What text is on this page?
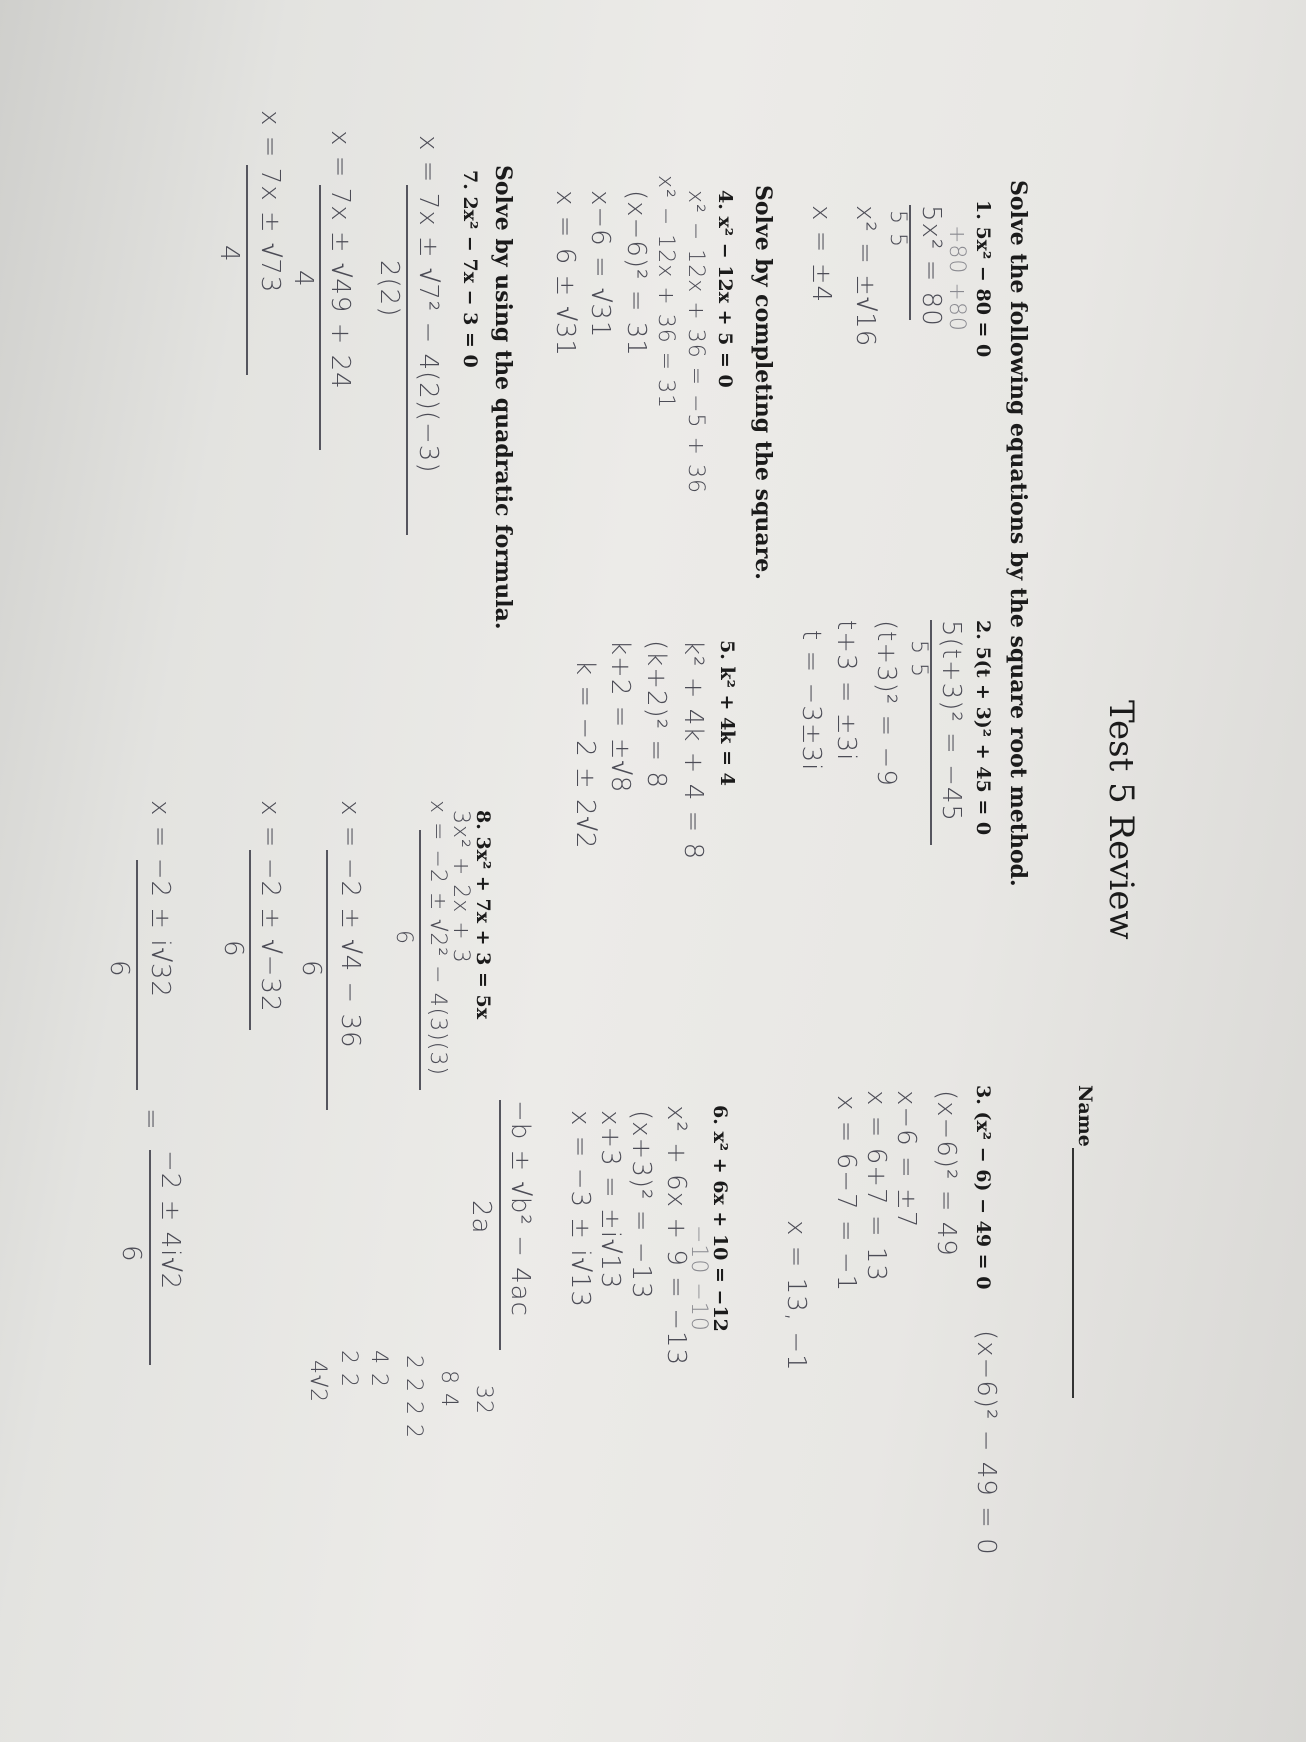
Test 5 Review
Name
Solve the following equations by the square root method.
1. 5x² − 80 = 0
+80 +80
5x² = 80
5 5
x² = ±√16
x = ±4
2. 5(t + 3)² + 45 = 0
5(t+3)² = −45
5 5
(t+3)² = −9
t+3 = ±3i
t = −3±3i
3. (x² − 6) − 49 = 0
(x−6)² − 49 = 0
(x−6)² = 49
x−6 = ±7
x = 6+7 = 13
x = 6−7 = −1
x = 13, −1
Solve by completing the square.
4. x² − 12x + 5 = 0
x² − 12x + 36 = −5 + 36
x² − 12x + 36 = 31
(x−6)² = 31
x−6 = √31
x = 6 ± √31
5. k² + 4k = 4
k² + 4k + 4 = 8
(k+2)² = 8
k+2 = ±√8
k = −2 ± 2√2
6. x² + 6x + 10 = −12
−10 −10
x² + 6x + 9 = −13
(x+3)² = −13
x+3 = ±i√13
x = −3 ± i√13
Solve by using the quadratic formula.
7. 2x² − 7x − 3 = 0
x = 7x ± √7² − 4(2)(−3)
2(2)
x = 7x ± √49 + 24
4
x = 7x ± √73
4
8. 3x² + 7x + 3 = 5x
3x² + 2x + 3
x = −2 ± √2² − 4(3)(3)
6
x = −2 ± √4 − 36
6
x = −2 ± √−32
6
x = −2 ± i√32
6
=
−2 ± 4i√2
6	−b ± √b² − 4ac
2a
32
8 4
2 2 2 2
4 2
2 2
4√2
